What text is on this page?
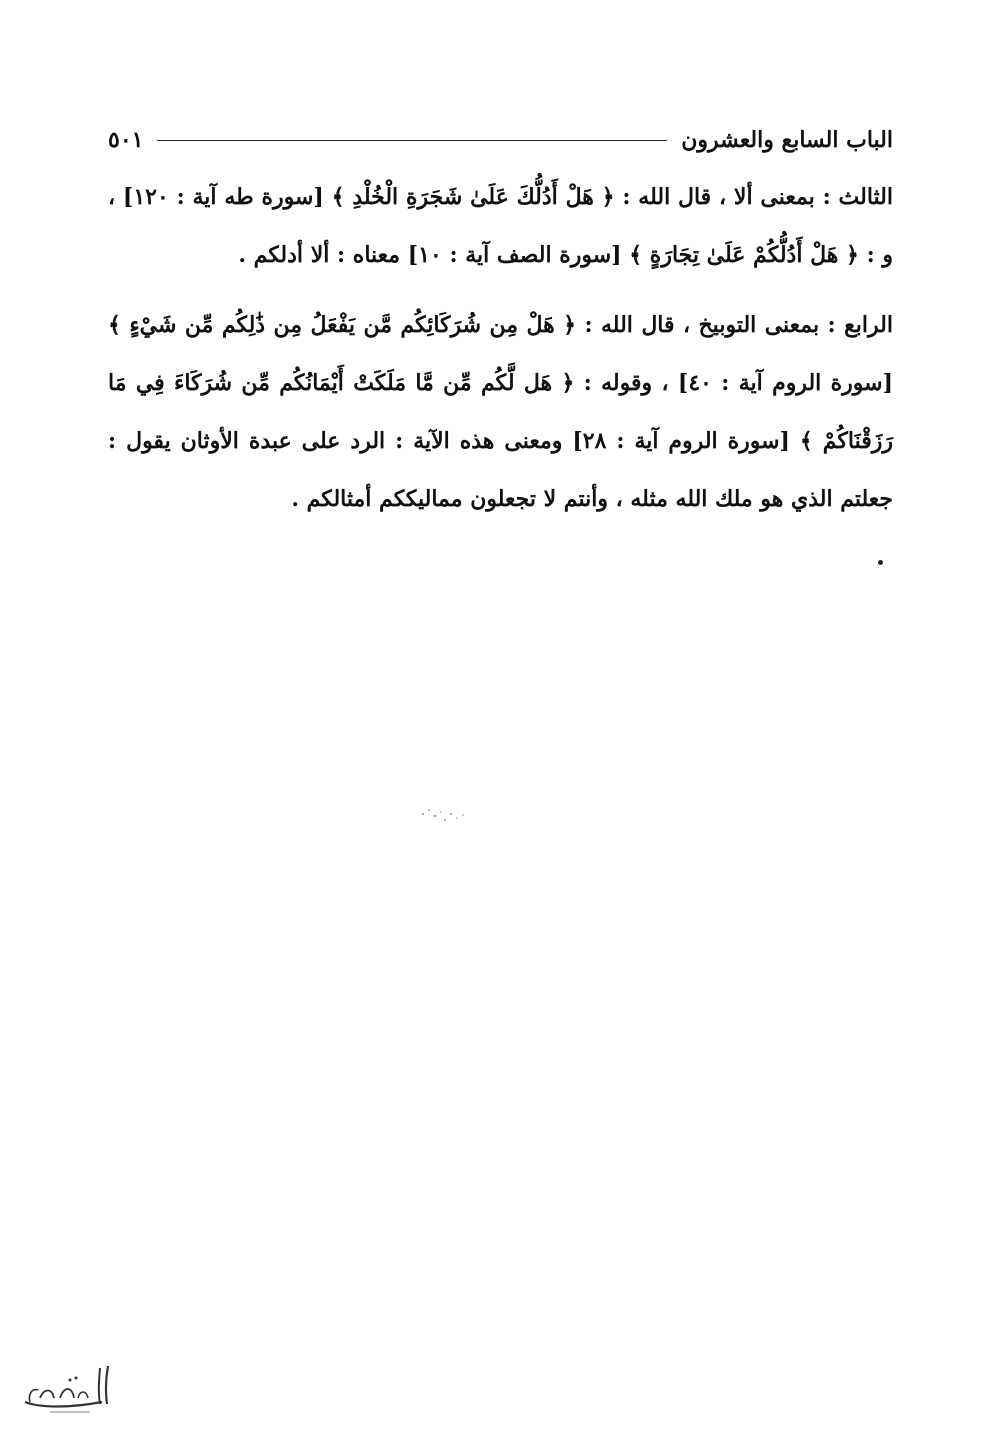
الباب السابع والعشرون
٥٠١

الثالث : بمعنى ألا ، قال الله : ﴿ هَلْ أَدُلُّكَ عَلَىٰ شَجَرَةِ الْخُلْدِ ﴾ [سورة طه آية : ١٢٠] ، و : ﴿ هَلْ أَدُلُّكُمْ عَلَىٰ تِجَارَةٍ ﴾ [سورة الصف آية : ١٠] معناه : ألا أدلكم .

الرابع : بمعنى التوبيخ ، قال الله : ﴿ هَلْ مِن شُرَكَائِكُم مَّن يَفْعَلُ مِن ذَٰلِكُم مِّن شَيْءٍ ﴾ [سورة الروم آية : ٤٠] ، وقوله : ﴿ هَل لَّكُم مِّن مَّا مَلَكَتْ أَيْمَانُكُم مِّن شُرَكَاءَ فِي مَا رَزَقْنَاكُمْ ﴾ [سورة الروم آية : ٢٨] ومعنى هذه الآية : الرد على عبدة الأوثان يقول : جعلتم الذي هو ملك الله مثله ، وأنتم لا تجعلون مماليككم أمثالكم .
